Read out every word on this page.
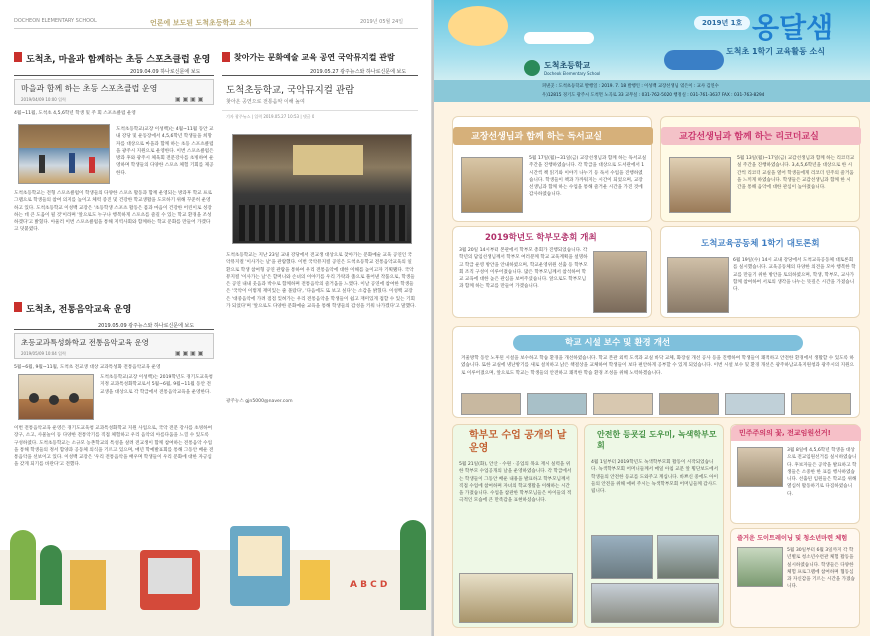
DOCHEON ELEMENTARY SCHOOL	언론에 보도된 도척초등학교 소식	2019년 05월 24일
도척초, 마을과 함께하는 초등 스포츠클럽 운영
2019.04.09 하나로신문에 보도
마을과 함께 하는 초등 스포츠클럽 운영
2019/04/09 10:00 입력	▣ ▣ ▣ ▣
4월~11월, 도척초 4,5,6학년 학생 및 주 회 스포츠클럽 운영
도척초등학교(교장 이성백)는 4월~11월 동안 교내 강당 및 운동장에서 4,5,6학년 학생들을 희망자를 대상으로 마을과 함께 하는 초등 스포츠클럽을 광주시 지원으로 운영한다. 이번 스포츠클럽은 방과 후와 광주시 체육회 전문강사를 초빙하여 운영하며 학생들의 다양한 스포츠 체험 기회를 제공한다.
도척초등학교는 전형 스포츠클럽이 학생들의 다양한 스포츠 활동과 함께 운영되는 방과후 학교 프로그램으로 학생들의 참여 의지를 높이고 체력 증진 및 건강한 학교생활을 도모하기 위해 꾸준히 운영하고 있다. 도척초등학교 이성백 교장은 '초등학생 스포츠 활동은 몸과 마음이 건강한 어린이로 성장하는 데 큰 도움이 될 것'이라며 '앞으로도 누구나 행복하게 스포츠를 즐길 수 있는 학교 환경을 조성하겠다'고 밝혔다. 아울러 이번 스포츠클럽을 통해 지역사회와 함께하는 학교 문화를 만들어 가겠다고 덧붙였다.
도척초, 전통음악교육 운영
2019.05.09 광주뉴스와 하나로신문에 보도
초등교과특성화학교 전통음악교육 운영
2019/05/09 10:04 입력	▣ ▣ ▣ ▣
5월~6월, 9월~11월, 도척초 전교생 대상 교과특성화 전통음악교육 운영
도척초등학교(교장 이성백)는 2019학년도 경기도교육청 지정 교과특성화학교로서 5월~6월, 9월~11월 동안 전교생을 대상으로 각 학급에서 전통음악교육을 운영한다.
이번 전통음악교육 운영은 경기도교육청 교과특성화학교 지원 사업으로, 국악 전문 강사를 초빙하여 장구, 소고, 사물놀이 등 다양한 전통악기를 직접 체험하고 우리 음악의 아름다움을 느낄 수 있도록 구성하였다. 도척초등학교는 소규모 농촌학교의 특성을 살려 전교생이 함께 참여하는 전통음악 수업을 통해 학생들의 정서 함양과 공동체 의식을 기르고 있으며, 매년 학예발표회를 통해 그동안 배운 전통음악을 선보이고 있다. 이성백 교장은 '우리 전통음악을 배우며 학생들이 우리 문화에 대한 자긍심을 갖게 되기를 바란다'고 전했다.
찾아가는 문화예술 교육 공연 국악뮤지컬 관람
2019.05.27 광주뉴스와 하나로신문에 보도
도척초등학교, 국악뮤지컬 관람
찾아온 공연으로 전통음악 이해 높여
기자 광주뉴스 | 입력 2019.05.27 10:53 | 댓글 0
도척초등학교는 지난 23일 교내 강당에서 전교생 대상으로 찾아가는 문화예술 교육 공연인 국악뮤지컬 '이사가는 날'을 관람했다. 이번 국악뮤지컬 공연은 도척초등학교 전통음악교육의 일환으로 학생 참여형 공연 관람을 통하여 우리 전통음악에 대한 이해를 높이고자 기획됐다. 국악뮤지컬 '이사가는 날'은 할머니와 손녀의 이야기를 우리 가락과 춤으로 풀어낸 작품으로, 학생들은 공연 내내 웃음과 박수로 함께하며 전통음악의 즐거움을 느꼈다. 이날 공연에 참여한 학생들은 '국악이 이렇게 재미있는 줄 몰랐다', '다음에도 또 보고 싶다'는 소감을 밝혔다. 이성백 교장은 '대중음악에 가려 점점 잊혀가는 우리 전통음악을 학생들이 쉽고 재미있게 접할 수 있는 기회가 되었다'며 '앞으로도 다양한 문화예술 교육을 통해 학생들의 감성을 키워 나가겠다'고 말했다.
광주뉴스 gjn5000@naver.com
A B C D
2019년 1호 옹달샘
도척초 1학기 교육활동 소식
도척초등학교
Docheok Elementary School
펴낸곳 : 도척초등학교 발행일 : 2019. 7. 18 발행인 : 이성백 교장선생님 엮은이 : 교사 김연수
우)12815 경기도 광주시 도척면 노곡로 33 교무실 : 031-762-5020 행정실 : 031-761-3637 FAX : 031-763-8294
교장선생님과 함께 하는 독서교실
5월 17일(월)~31일(금) 교장선생님과 함께 하는 독서교실 주간을 진행하였습니다. 각 학급을 대상으로 도서관에서 1시간씩 책 읽기와 이야기 나누기 등 독서 수업을 진행하였습니다. 학생들이 책과 가까워지는 시간이 되었으며, 교장선생님과 함께 하는 수업을 통해 즐거운 시간을 가진 것에 감사하였습니다.
교감선생님과 함께 하는 리코더교실
5월 13일(월)~17일(금) 교감선생님과 함께 하는 리코더교실 주간을 진행하였습니다. 3,4,5,6학년을 대상으로 한 시간씩 리코더 교실을 열어 학생들에게 리코더 연주의 즐거움을 느끼게 하였습니다. 학생들은 교감선생님과 함께 한 시간을 통해 음악에 대한 관심이 높아졌습니다.
2019학년도 학부모총회 개최
3월 20일 14시부터 본관에서 학부모 총회가 진행되었습니다. 각 학년의 담임선생님께서 학부모 여러분께 학교 교육계획을 설명하고 학급 운영 방안을 안내하였으며, 학교운영위원 선출 등 학부모회 조직 구성이 이루어졌습니다. 많은 학부모님께서 참석하여 학교 교육에 대한 높은 관심을 보여주셨습니다. 앞으로도 학부모님과 함께 하는 학교를 만들어 가겠습니다.
도척교육공동체 1학기 대토론회
6월 19일(수) 14시 교내 강당에서 도척교육공동체 대토론회를 실시했습니다. 교육공동체의 다양한 의견을 모아 행복한 학교를 만들기 위한 방안을 토의하였으며, 학생, 학부모, 교사가 함께 참여하여 서로의 생각을 나누는 뜻깊은 시간을 가졌습니다.
학교 시설 보수 및 환경 개선
겨울방학 동안 노후된 시설을 보수하고 학습 환경을 개선하였습니다. 학교 본관 외벽 도색과 교실 바닥 교체, 화장실 개선 공사 등을 진행하여 학생들이 쾌적하고 안전한 환경에서 생활할 수 있도록 하였습니다. 또한 교실에 냉난방기를 새로 설치하고 낡은 책걸상을 교체하여 학생들이 보다 편안하게 공부할 수 있게 되었습니다. 이번 시설 보수 및 환경 개선은 광주하남교육지원청과 광주시의 지원으로 이루어졌으며, 앞으로도 학교는 학생들의 안전하고 쾌적한 학습 환경 조성을 위해 노력하겠습니다.
학부모 수업 공개의 날 운영
5월 21일(화), 안산 · 수원 · 공업의 목요 재시 실력을 위한 학부모 수업공개의 날을 운영하였습니다. 각 학급에서는 학생들이 그동안 배운 내용을 발표하고 학부모님께서 직접 수업에 참여하며 자녀의 학교생활을 이해하는 시간을 가졌습니다. 수업을 참관한 학부모님들은 아이들의 적극적인 모습에 큰 만족감을 표현하셨습니다.
안전한 등굣길 도우미, 녹색학부모회
4월 1일부터 2019학년도 녹색학부모회 활동이 시작되었습니다. 녹색학부모회 어머니들께서 매일 아침 교문 앞 횡단보도에서 학생들의 안전한 등교를 도와주고 계십니다. 바쁘신 중에도 아이들의 안전을 위해 애써 주시는 녹색학부모회 어머님들께 감사드립니다.
민주주의의 꽃, 전교임원선거!
3월 8일에 4,5,6학년 학생을 대상으로 전교임원선거를 실시하였습니다. 후보자들은 공약을 발표하고 학생들은 소중한 한 표를 행사하였습니다. 선출된 임원들은 학교를 위해 열심히 활동하기로 다짐하였습니다.
즐거운 도이트레이닝 및 청소년마련 체험
5월 30일부터 6월 3일까지 각 학년별로 청소년수련관 체험 활동을 실시하였습니다. 학생들은 다양한 체험 프로그램에 참여하며 협동심과 자신감을 기르는 시간을 가졌습니다.
